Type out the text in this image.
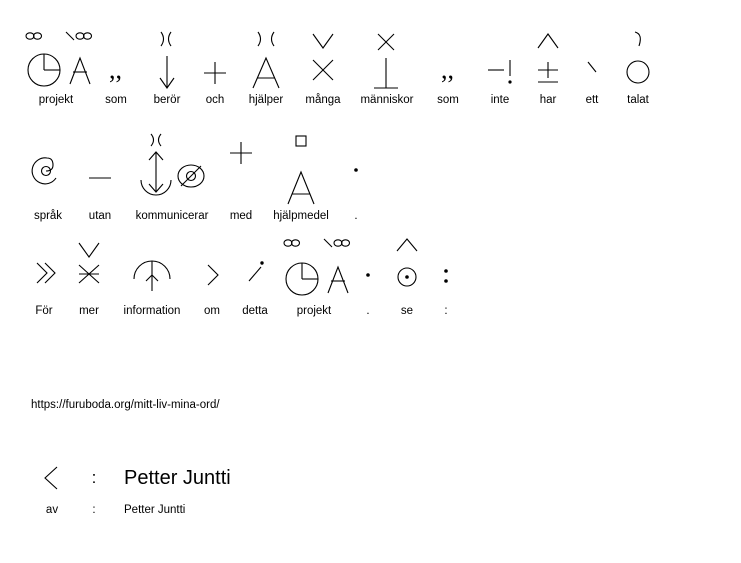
projekt
,,
som berör och hjälper många människor
,,
som	inte	har	ett talat
språk utan kommunicerar med hjälpmedel .
För mer information om detta	projekt	.	se	:
https://furuboda.org/mitt-liv-mina-ord/
av
:
:
Petter Juntti
Petter Juntti
